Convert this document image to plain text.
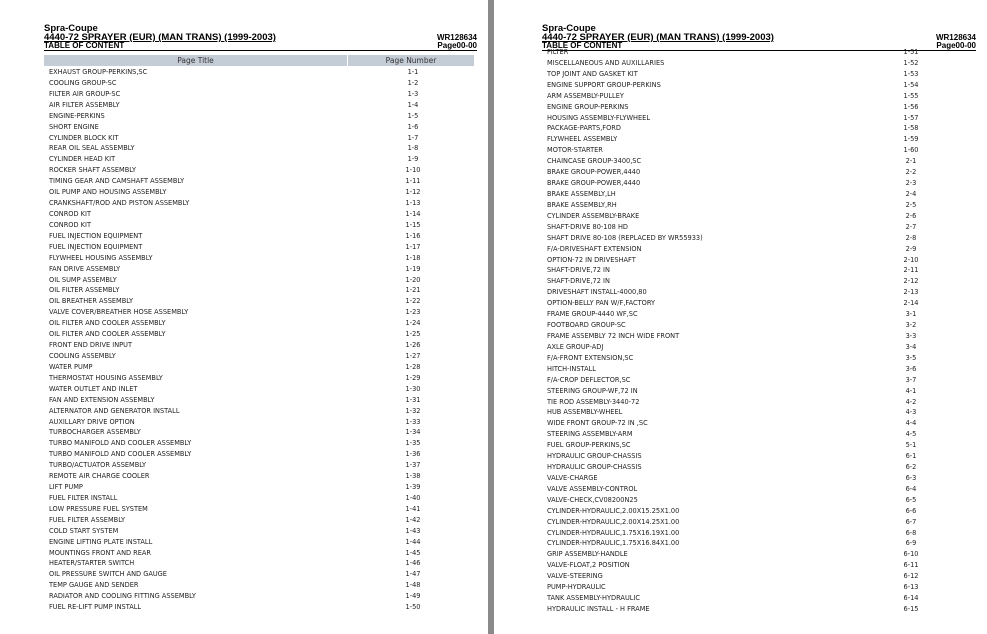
Spra-Coupe
4440-72 SPRAYER (EUR) (MAN TRANS) (1999-2003)
TABLE OF CONTENT
WR128634
Page00-00
Page Title	Page Number
EXHAUST GROUP-PERKINS,SC	1-1
COOLING GROUP-SC	1-2
FILTER AIR GROUP-SC	1-3
AIR FILTER ASSEMBLY	1-4
ENGINE-PERKINS	1-5
SHORT ENGINE	1-6
CYLINDER BLOCK KIT	1-7
REAR OIL SEAL ASSEMBLY	1-8
CYLINDER HEAD KIT	1-9
ROCKER SHAFT ASSEMBLY	1-10
TIMING GEAR AND CAMSHAFT ASSEMBLY	1-11
OIL PUMP AND HOUSING ASSEMBLY	1-12
CRANKSHAFT/ROD AND PISTON ASSEMBLY	1-13
CONROD KIT	1-14
CONROD KIT	1-15
FUEL INJECTION EQUIPMENT	1-16
FUEL INJECTION EQUIPMENT	1-17
FLYWHEEL HOUSING ASSEMBLY	1-18
FAN DRIVE ASSEMBLY	1-19
OIL SUMP ASSEMBLY	1-20
OIL FILTER ASSEMBLY	1-21
OIL BREATHER ASSEMBLY	1-22
VALVE COVER/BREATHER HOSE ASSEMBLY	1-23
OIL FILTER AND COOLER ASSEMBLY	1-24
OIL FILTER AND COOLER ASSEMBLY	1-25
FRONT END DRIVE INPUT	1-26
COOLING ASSEMBLY	1-27
WATER PUMP	1-28
THERMOSTAT HOUSING ASSEMBLY	1-29
WATER OUTLET AND INLET	1-30
FAN AND EXTENSION ASSEMBLY	1-31
ALTERNATOR AND GENERATOR INSTALL	1-32
AUXILLARY DRIVE OPTION	1-33
TURBOCHARGER ASSEMBLY	1-34
TURBO MANIFOLD AND COOLER ASSEMBLY	1-35
TURBO MANIFOLD AND COOLER ASSEMBLY	1-36
TURBO/ACTUATOR ASSEMBLY	1-37
REMOTE AIR CHARGE COOLER	1-38
LIFT PUMP	1-39
FUEL FILTER INSTALL	1-40
LOW PRESSURE FUEL SYSTEM	1-41
FUEL FILTER ASSEMBLY	1-42
COLD START SYSTEM	1-43
ENGINE LIFTING PLATE INSTALL	1-44
MOUNTINGS FRONT AND REAR	1-45
HEATER/STARTER SWITCH	1-46
OIL PRESSURE SWITCH AND GAUGE	1-47
TEMP GAUGE AND SENDER	1-48
RADIATOR AND COOLING FITTING ASSEMBLY	1-49
FUEL RE-LIFT PUMP INSTALL	1-50
Spra-Coupe
4440-72 SPRAYER (EUR) (MAN TRANS) (1999-2003)
TABLE OF CONTENT
WR128634
Page00-00
FILTER	1-51
MISCELLANEOUS AND AUXILLARIES	1-52
TOP JOINT AND GASKET KIT	1-53
ENGINE SUPPORT GROUP-PERKINS	1-54
ARM ASSEMBLY-PULLEY	1-55
ENGINE GROUP-PERKINS	1-56
HOUSING ASSEMBLY-FLYWHEEL	1-57
PACKAGE-PARTS,FORD	1-58
FLYWHEEL ASSEMBLY	1-59
MOTOR-STARTER	1-60
CHAINCASE GROUP-3400,SC	2-1
BRAKE GROUP-POWER,4440	2-2
BRAKE GROUP-POWER,4440	2-3
BRAKE ASSEMBLY,LH	2-4
BRAKE ASSEMBLY,RH	2-5
CYLINDER ASSEMBLY-BRAKE	2-6
SHAFT-DRIVE 80-108 HD	2-7
SHAFT DRIVE 80-108 (REPLACED BY WR55933)	2-8
F/A-DRIVESHAFT EXTENSION	2-9
OPTION-72 IN DRIVESHAFT	2-10
SHAFT-DRIVE,72 IN	2-11
SHAFT-DRIVE,72 IN	2-12
DRIVESHAFT INSTALL-4000,80	2-13
OPTION-BELLY PAN W/F,FACTORY	2-14
FRAME GROUP-4440 WF,SC	3-1
FOOTBOARD GROUP-SC	3-2
FRAME ASSEMBLY 72 INCH WIDE FRONT	3-3
AXLE GROUP-ADJ	3-4
F/A-FRONT EXTENSION,SC	3-5
HITCH-INSTALL	3-6
F/A-CROP DEFLECTOR,SC	3-7
STEERING GROUP-WF,72 IN	4-1
TIE ROD ASSEMBLY-3440-72	4-2
HUB ASSEMBLY-WHEEL	4-3
WIDE FRONT GROUP-72 IN ,SC	4-4
STEERING ASSEMBLY-ARM	4-5
FUEL GROUP-PERKINS,SC	5-1
HYDRAULIC GROUP-CHASSIS	6-1
HYDRAULIC GROUP-CHASSIS	6-2
VALVE-CHARGE	6-3
VALVE ASSEMBLY-CONTROL	6-4
VALVE-CHECK,CV08200N25	6-5
CYLINDER-HYDRAULIC,2.00X15.25X1.00	6-6
CYLINDER-HYDRAULIC,2.00X14.25X1.00	6-7
CYLINDER-HYDRAULIC,1.75X16.19X1.00	6-8
CYLINDER-HYDRAULIC,1.75X16.84X1.00	6-9
GRIP ASSEMBLY-HANDLE	6-10
VALVE-FLOAT,2 POSITION	6-11
VALVE-STEERING	6-12
PUMP-HYDRAULIC	6-13
TANK ASSEMBLY-HYDRAULIC	6-14
HYDRAULIC INSTALL - H FRAME	6-15
